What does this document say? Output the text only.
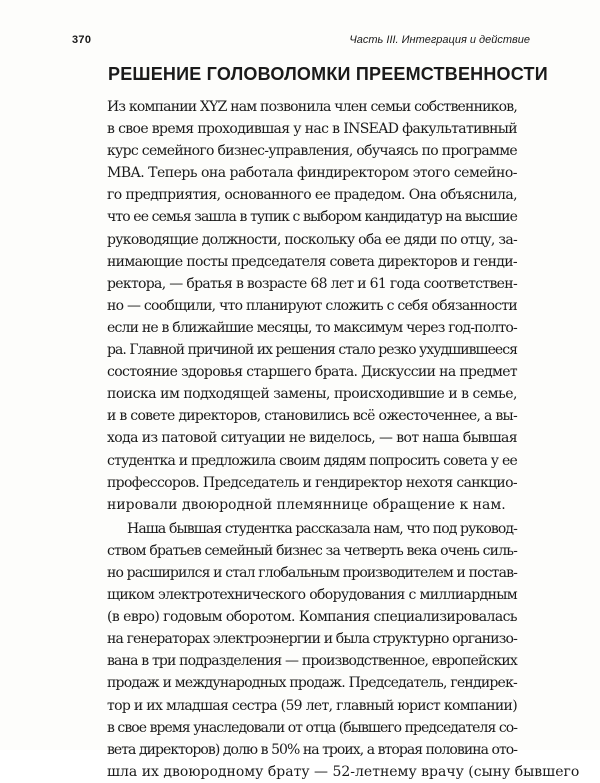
370	Часть III. Интеграция и действие
РЕШЕНИЕ ГОЛОВОЛОМКИ ПРЕЕМСТВЕННОСТИ
Из компании XYZ нам позвонила член семьи собственников,
в свое время проходившая у нас в INSEAD факультативный
курс семейного бизнес-управления, обучаясь по программе
MBA. Теперь она работала финдиректором этого семейно-
го предприятия, основанного ее прадедом. Она объяснила,
что ее семья зашла в тупик с выбором кандидатур на высшие
руководящие должности, поскольку оба ее дяди по отцу, за-
нимающие посты председателя совета директоров и генди-
ректора, — братья в возрасте 68 лет и 61 года соответствен-
но — сообщили, что планируют сложить с себя обязанности
если не в ближайшие месяцы, то максимум через год-полто-
ра. Главной причиной их решения стало резко ухудшившееся
состояние здоровья старшего брата. Дискуссии на предмет
поиска им подходящей замены, происходившие и в семье,
и в совете директоров, становились всё ожесточеннее, а вы-
хода из патовой ситуации не виделось, — вот наша бывшая
студентка и предложила своим дядям попросить совета у ее
профессоров. Председатель и гендиректор нехотя санкцио-
нировали двоюродной племяннице обращение к нам.
Наша бывшая студентка рассказала нам, что под руковод-
ством братьев семейный бизнес за четверть века очень силь-
но расширился и стал глобальным производителем и постав-
щиком электротехнического оборудования с миллиардным
(в евро) годовым оборотом. Компания специализировалась
на генераторах электроэнергии и была структурно организо-
вана в три подразделения — производственное, европейских
продаж и международных продаж. Председатель, гендирек-
тор и их младшая сестра (59 лет, главный юрист компании)
в свое время унаследовали от отца (бывшего председателя со-
вета директоров) долю в 50% на троих, а вторая половина ото-
шла их двоюродному брату — 52-летнему врачу (сыну бывшего
